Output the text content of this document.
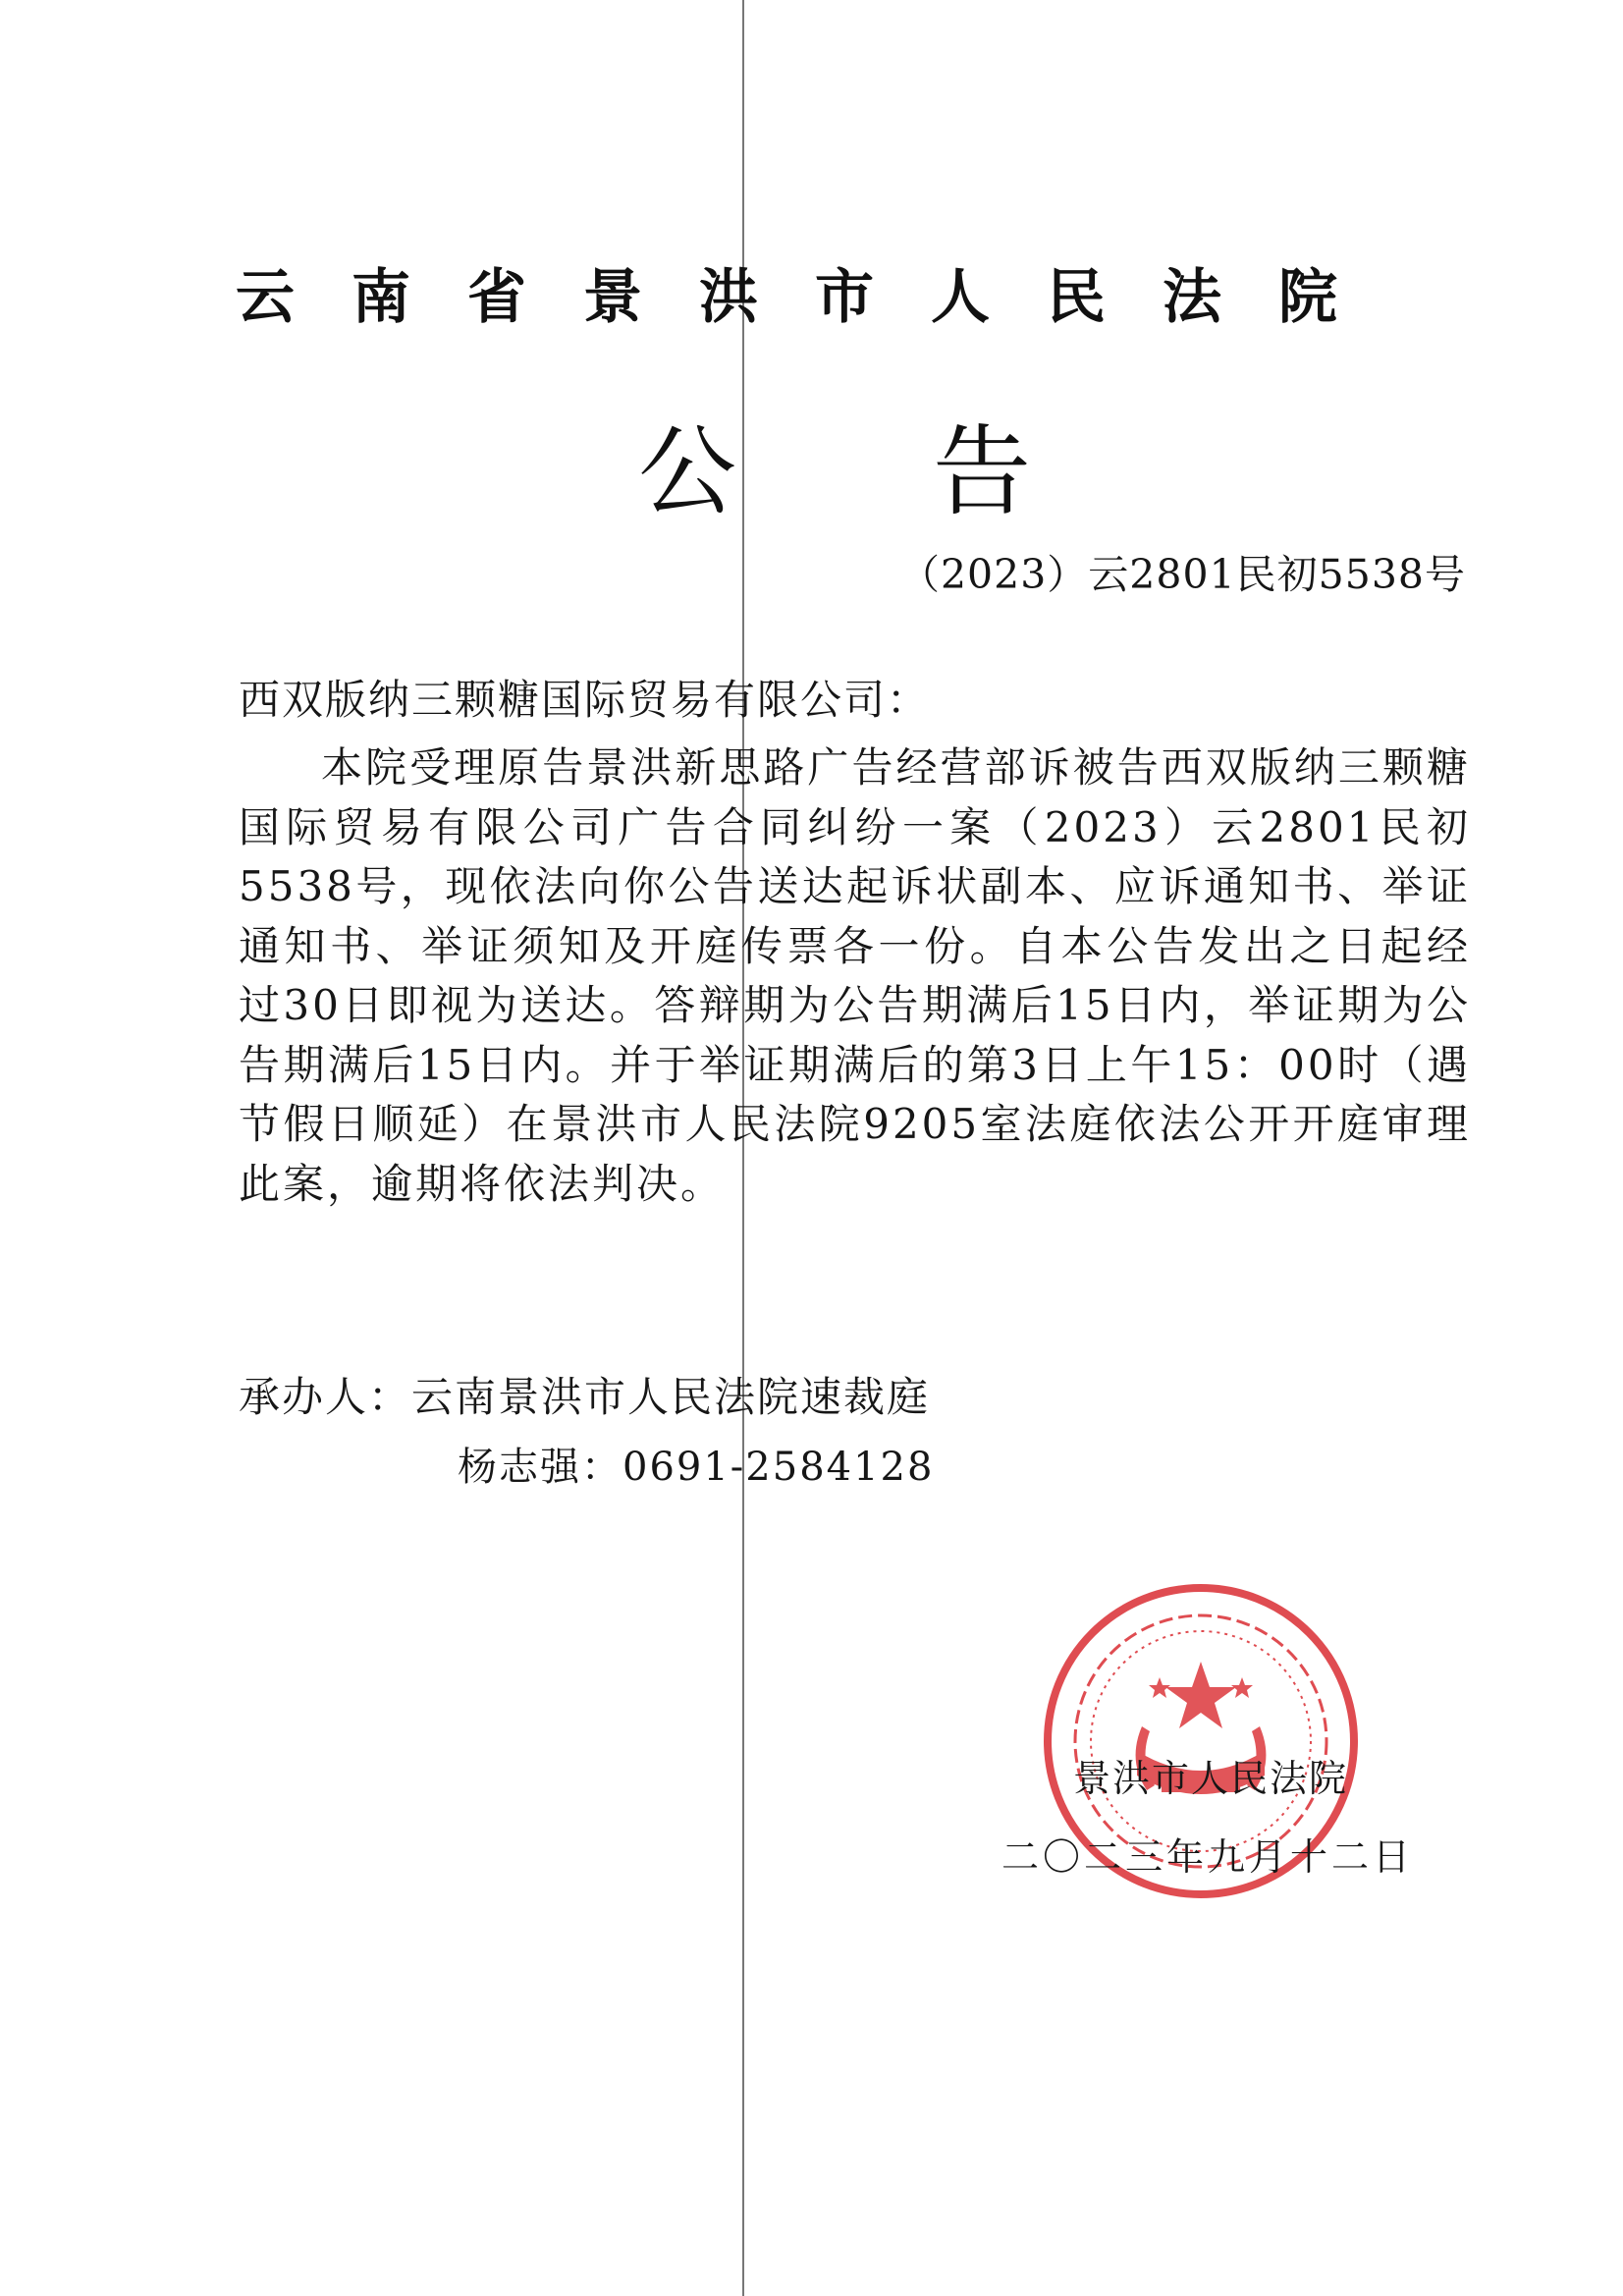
云南省景洪市人民法院
公告
（2023）云2801民初5538号
西双版纳三颗糖国际贸易有限公司：

本院受理原告景洪新思路广告经营部诉被告西双版纳三颗糖国际贸易有限公司广告合同纠纷一案（2023）云2801民初5538号，现依法向你公告送达起诉状副本、应诉通知书、举证通知书、举证须知及开庭传票各一份。自本公告发出之日起经过30日即视为送达。答辩期为公告期满后15日内，举证期为公告期满后15日内。并于举证期满后的第3日上午15：00时（遇节假日顺延）在景洪市人民法院9205室法庭依法公开开庭审理此案，逾期将依法判决。

承办人：云南景洪市人民法院速裁庭
杨志强：0691-2584128
景洪市人民法院
二〇二三年九月十二日
